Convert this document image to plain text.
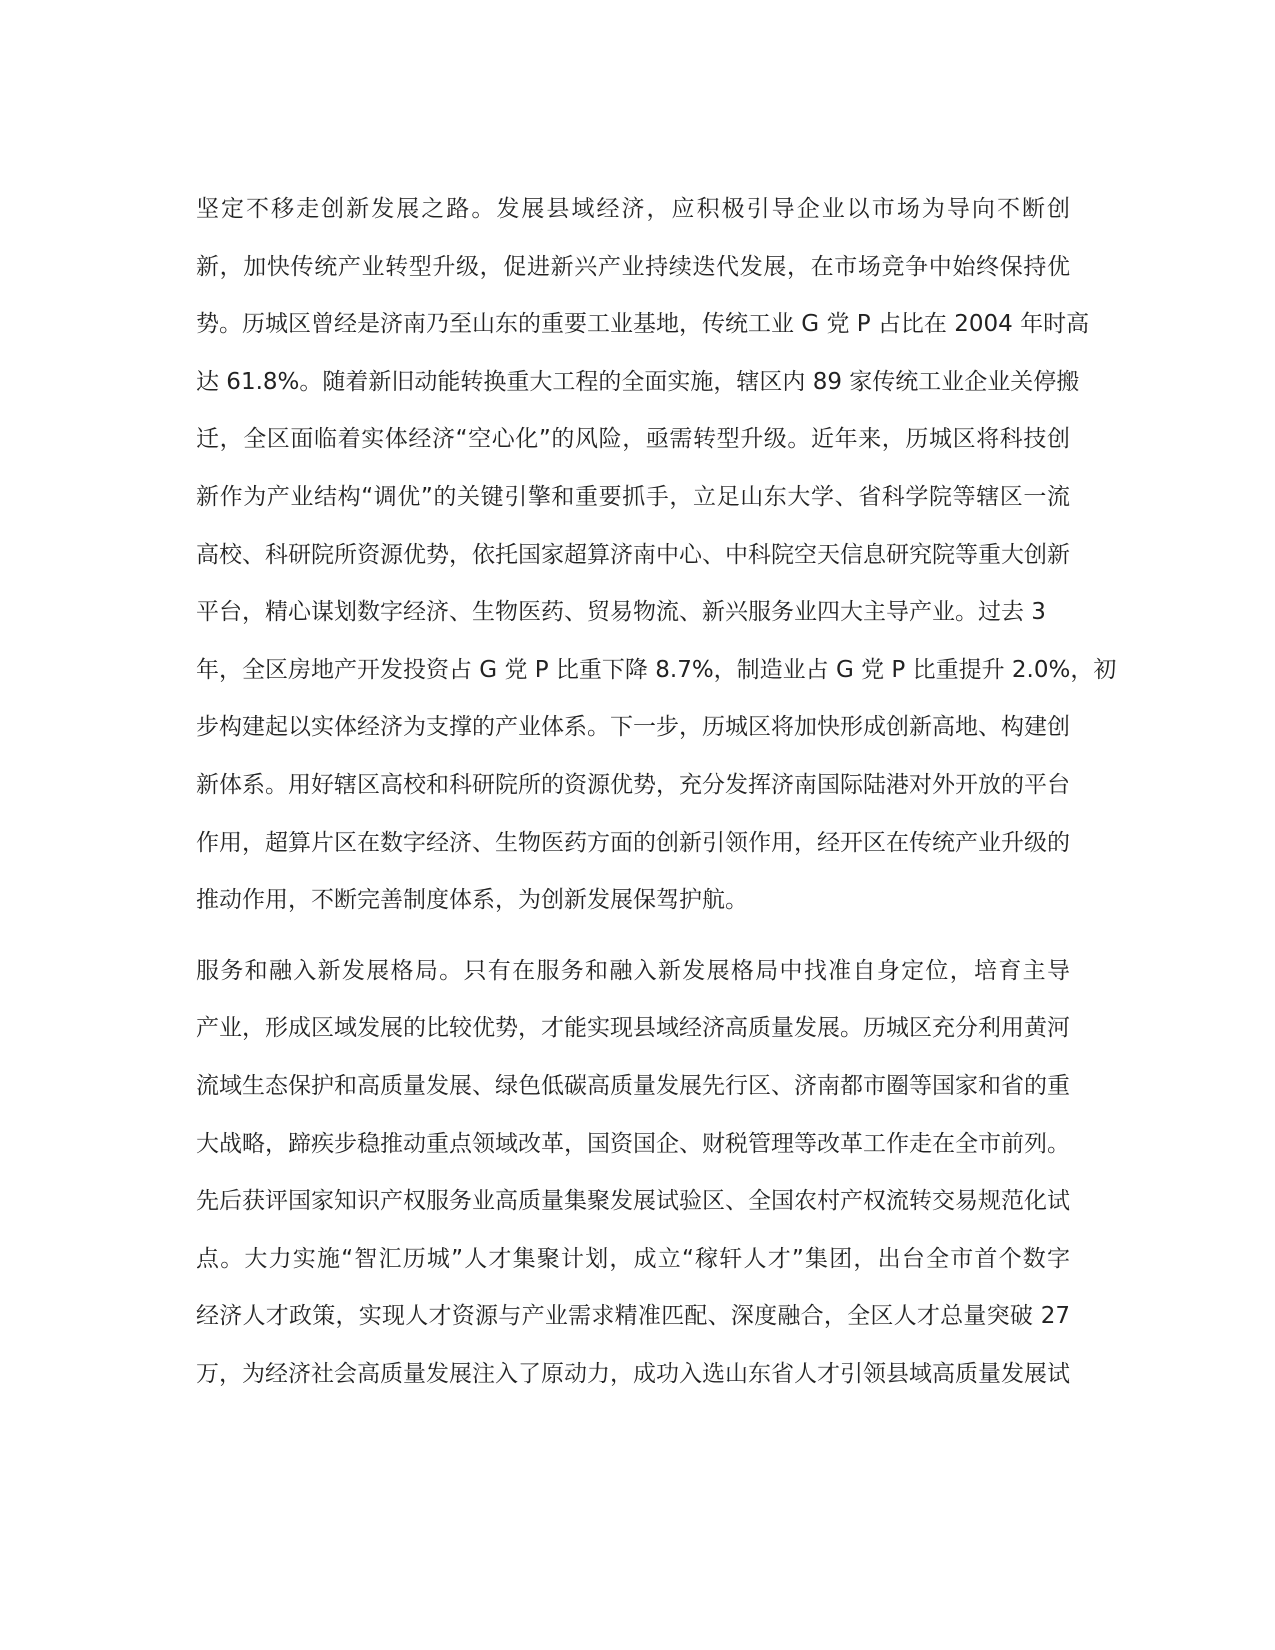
坚定不移走创新发展之路。发展县域经济，应积极引导企业以市场为导向不断创
新，加快传统产业转型升级，促进新兴产业持续迭代发展，在市场竞争中始终保持优
势。历城区曾经是济南乃至山东的重要工业基地，传统工业 G 党 P 占比在 2004 年时高
达 61.8%。随着新旧动能转换重大工程的全面实施，辖区内 89 家传统工业企业关停搬
迁，全区面临着实体经济“空心化”的风险，亟需转型升级。近年来，历城区将科技创
新作为产业结构“调优”的关键引擎和重要抓手，立足山东大学、省科学院等辖区一流
高校、科研院所资源优势，依托国家超算济南中心、中科院空天信息研究院等重大创新
平台，精心谋划数字经济、生物医药、贸易物流、新兴服务业四大主导产业。过去 3
年，全区房地产开发投资占 G 党 P 比重下降 8.7%，制造业占 G 党 P 比重提升 2.0%，初
步构建起以实体经济为支撑的产业体系。下一步，历城区将加快形成创新高地、构建创
新体系。用好辖区高校和科研院所的资源优势，充分发挥济南国际陆港对外开放的平台
作用，超算片区在数字经济、生物医药方面的创新引领作用，经开区在传统产业升级的
推动作用，不断完善制度体系，为创新发展保驾护航。
服务和融入新发展格局。只有在服务和融入新发展格局中找准自身定位，培育主导
产业，形成区域发展的比较优势，才能实现县域经济高质量发展。历城区充分利用黄河
流域生态保护和高质量发展、绿色低碳高质量发展先行区、济南都市圈等国家和省的重
大战略，蹄疾步稳推动重点领域改革，国资国企、财税管理等改革工作走在全市前列。
先后获评国家知识产权服务业高质量集聚发展试验区、全国农村产权流转交易规范化试
点。大力实施“智汇历城”人才集聚计划，成立“稼轩人才”集团，出台全市首个数字
经济人才政策，实现人才资源与产业需求精准匹配、深度融合，全区人才总量突破 27
万，为经济社会高质量发展注入了原动力，成功入选山东省人才引领县域高质量发展试
